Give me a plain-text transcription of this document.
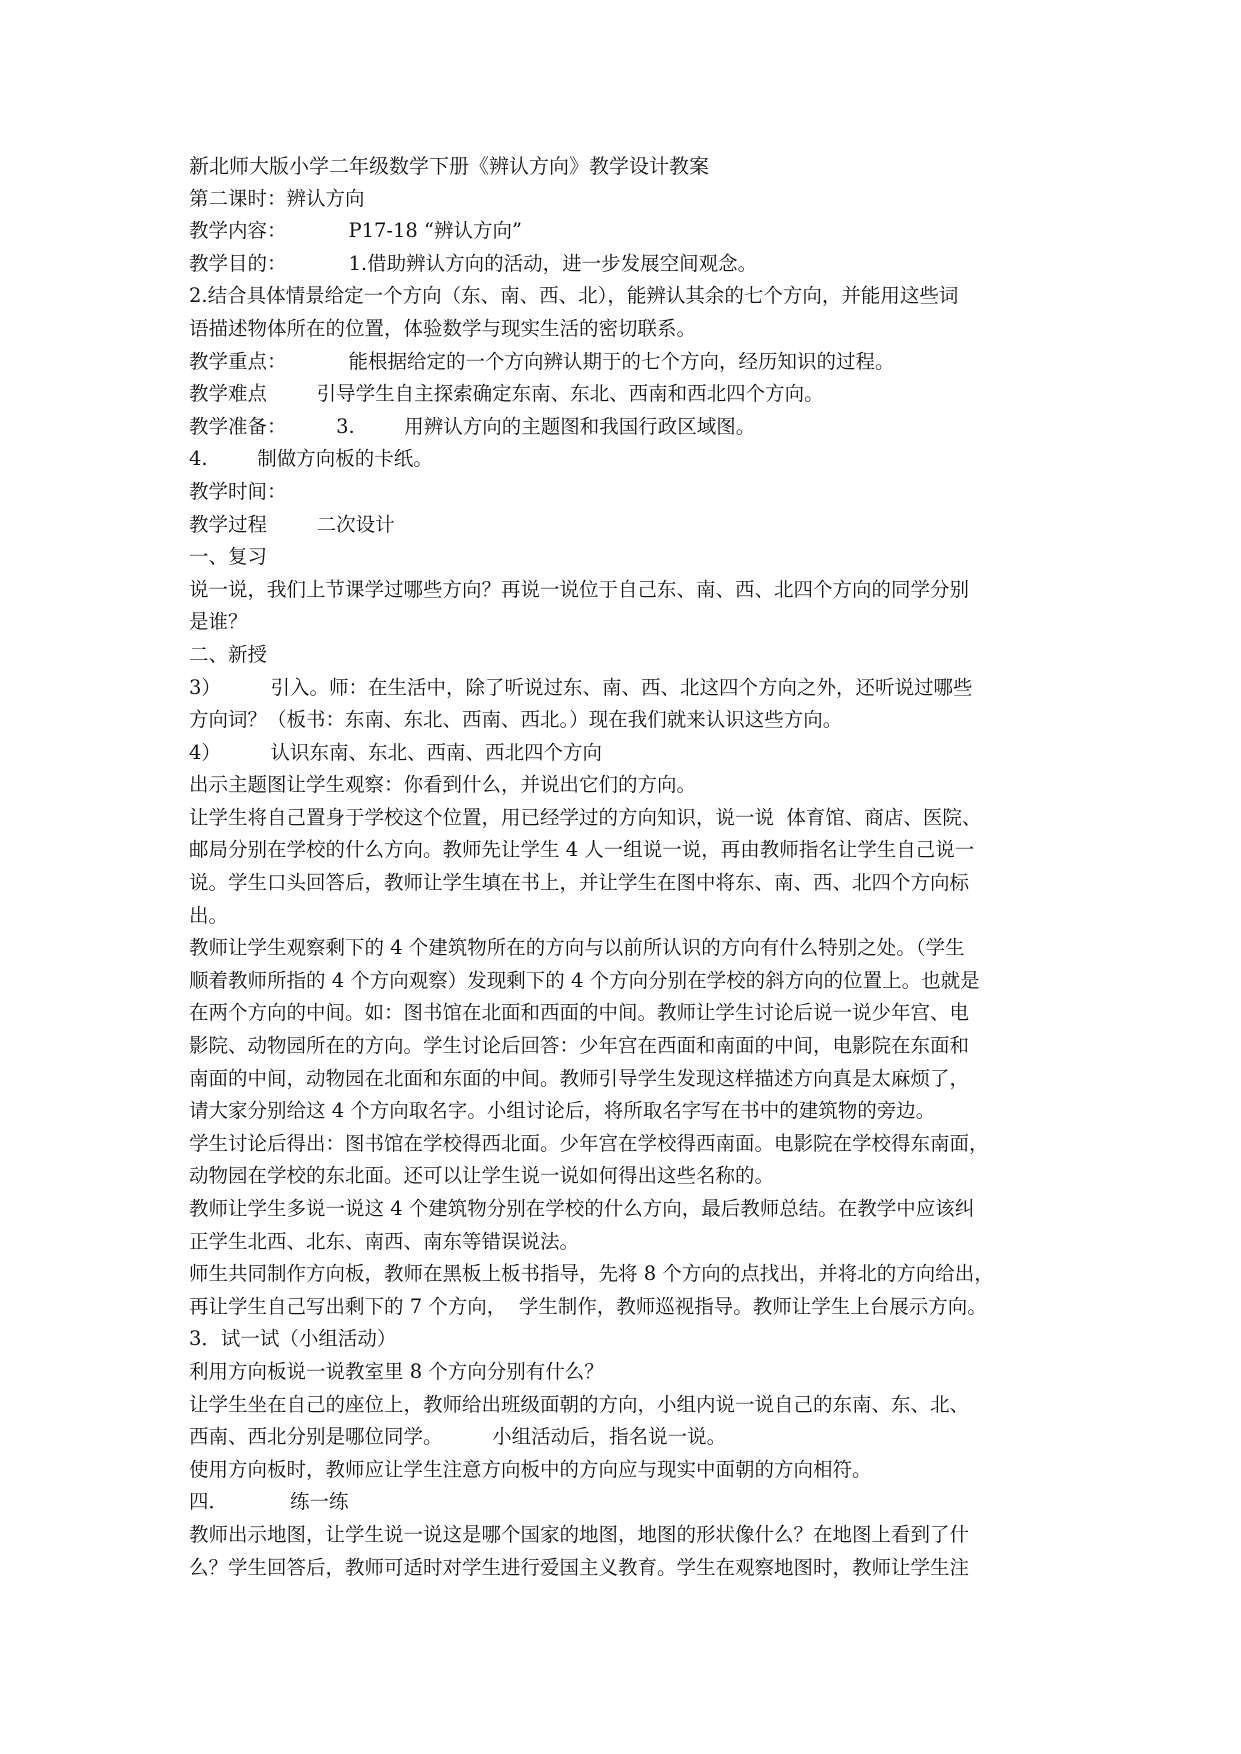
新北师大版小学二年级数学下册《辨认方向》教学设计教案
第二课时：辨认方向
教学内容：          P17-18 “辨认方向”
教学目的：          1.借助辨认方向的活动，进一步发展空间观念。
2.结合具体情景给定一个方向（东、南、西、北），能辨认其余的七个方向，并能用这些词
语描述物体所在的位置，体验数学与现实生活的密切联系。
教学重点：          能根据给定的一个方向辨认期于的七个方向，经历知识的过程。
教学难点        引导学生自主探索确定东南、东北、西南和西北四个方向。
教学准备：        3.        用辨认方向的主题图和我国行政区域图。
4.        制做方向板的卡纸。
教学时间：
教学过程        二次设计
一、复习
说一说，我们上节课学过哪些方向？再说一说位于自己东、南、西、北四个方向的同学分别
是谁？
二、新授
3）        引入。师：在生活中，除了听说过东、南、西、北这四个方向之外，还听说过哪些
方向词？（板书：东南、东北、西南、西北。）现在我们就来认识这些方向。
4）        认识东南、东北、西南、西北四个方向
出示主题图让学生观察：你看到什么，并说出它们的方向。
让学生将自己置身于学校这个位置，用已经学过的方向知识，说一说  体育馆、商店、医院、
邮局分别在学校的什么方向。教师先让学生 4 人一组说一说，再由教师指名让学生自己说一
说。学生口头回答后，教师让学生填在书上，并让学生在图中将东、南、西、北四个方向标
出。
教师让学生观察剩下的 4 个建筑物所在的方向与以前所认识的方向有什么特别之处。（学生
顺着教师所指的 4 个方向观察）发现剩下的 4 个方向分别在学校的斜方向的位置上。也就是
在两个方向的中间。如：图书馆在北面和西面的中间。教师让学生讨论后说一说少年宫、电
影院、动物园所在的方向。学生讨论后回答：少年宫在西面和南面的中间，电影院在东面和
南面的中间，动物园在北面和东面的中间。教师引导学生发现这样描述方向真是太麻烦了，
请大家分别给这 4 个方向取名字。小组讨论后，将所取名字写在书中的建筑物的旁边。
学生讨论后得出：图书馆在学校得西北面。少年宫在学校得西南面。电影院在学校得东南面，
动物园在学校的东北面。还可以让学生说一说如何得出这些名称的。
教师让学生多说一说这 4 个建筑物分别在学校的什么方向，最后教师总结。在教学中应该纠
正学生北西、北东、南西、南东等错误说法。
师生共同制作方向板，教师在黑板上板书指导，先将 8 个方向的点找出，并将北的方向给出，
再让学生自己写出剩下的 7 个方向，  学生制作，教师巡视指导。教师让学生上台展示方向。
3．试一试（小组活动）
利用方向板说一说教室里 8 个方向分别有什么？
让学生坐在自己的座位上，教师给出班级面朝的方向，小组内说一说自己的东南、东、北、
西南、西北分别是哪位同学。        小组活动后，指名说一说。
使用方向板时，教师应让学生注意方向板中的方向应与现实中面朝的方向相符。
四．          练一练
教师出示地图，让学生说一说这是哪个国家的地图，地图的形状像什么？在地图上看到了什
么？学生回答后，教师可适时对学生进行爱国主义教育。学生在观察地图时，教师让学生注
